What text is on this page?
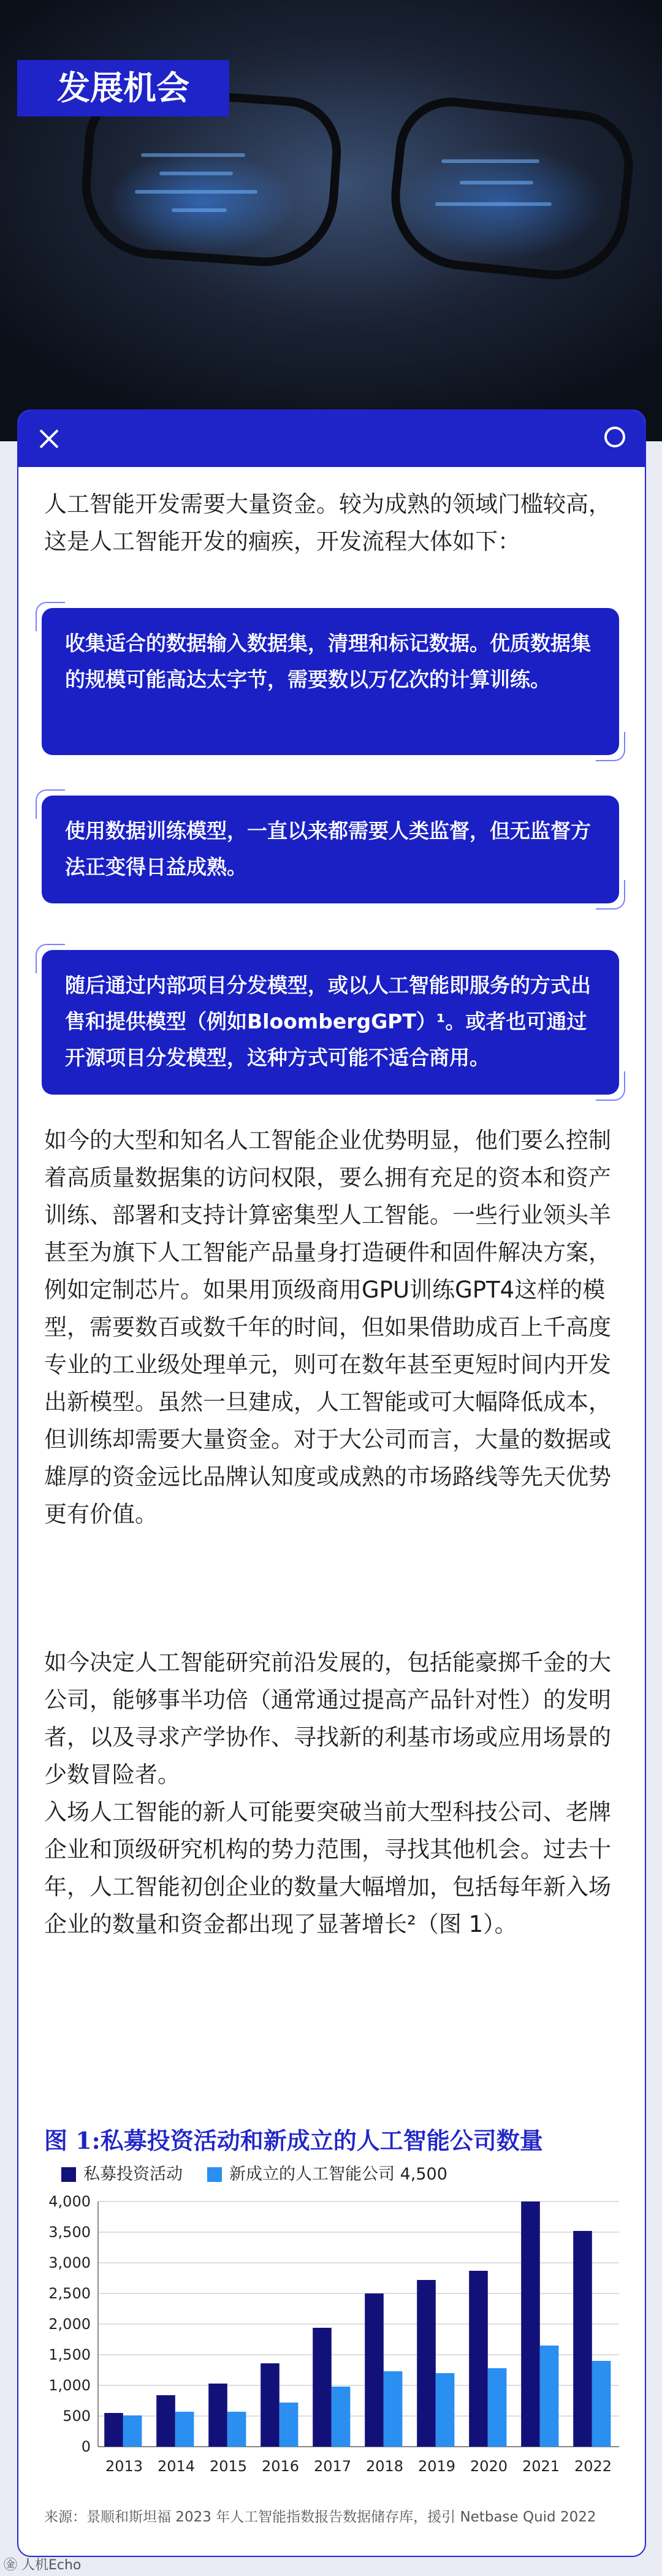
发展机会

人工智能开发需要大量资金。较为成熟的领域门槛较高，这是人工智能开发的痼疾，开发流程大体如下：

收集适合的数据输入数据集，清理和标记数据。优质数据集的规模可能高达太字节，需要数以万亿次的计算训练。
使用数据训练模型，一直以来都需要人类监督，但无监督方法正变得日益成熟。
随后通过内部项目分发模型，或以人工智能即服务的方式出售和提供模型（例如BloombergGPT）¹。或者也可通过开源项目分发模型，这种方式可能不适合商用。

如今的大型和知名人工智能企业优势明显，他们要么控制着高质量数据集的访问权限，要么拥有充足的资本和资产训练、部署和支持计算密集型人工智能。一些行业领头羊甚至为旗下人工智能产品量身打造硬件和固件解决方案，例如定制芯片。如果用顶级商用GPU训练GPT4这样的模型，需要数百或数千年的时间，但如果借助成百上千高度专业的工业级处理单元，则可在数年甚至更短时间内开发出新模型。虽然一旦建成，人工智能或可大幅降低成本，但训练却需要大量资金。对于大公司而言，大量的数据或雄厚的资金远比品牌认知度或成熟的市场路线等先天优势更有价值。

如今决定人工智能研究前沿发展的，包括能豪掷千金的大公司，能够事半功倍（通常通过提高产品针对性）的发明者，以及寻求产学协作、寻找新的利基市场或应用场景的少数冒险者。

入场人工智能的新人可能要突破当前大型科技公司、老牌企业和顶级研究机构的势力范围，寻找其他机会。过去十年，人工智能初创企业的数量大幅增加，包括每年新入场企业的数量和资金都出现了显著增长²（图 1）。

图 1:私募投资活动和新成立的人工智能公司数量

私募投资活动	新成立的人工智能公司 4,500
0
500
1,000
1,500
2,000
2,500
3,000
3,500
4,000
2013 2014 2015 2016 2017 2018 2019 2020 2021 2022

来源：景顺和斯坦福 2023 年人工智能指数报告数据储存库，援引 Netbase Quid 2022

㊎ 人机Echo
